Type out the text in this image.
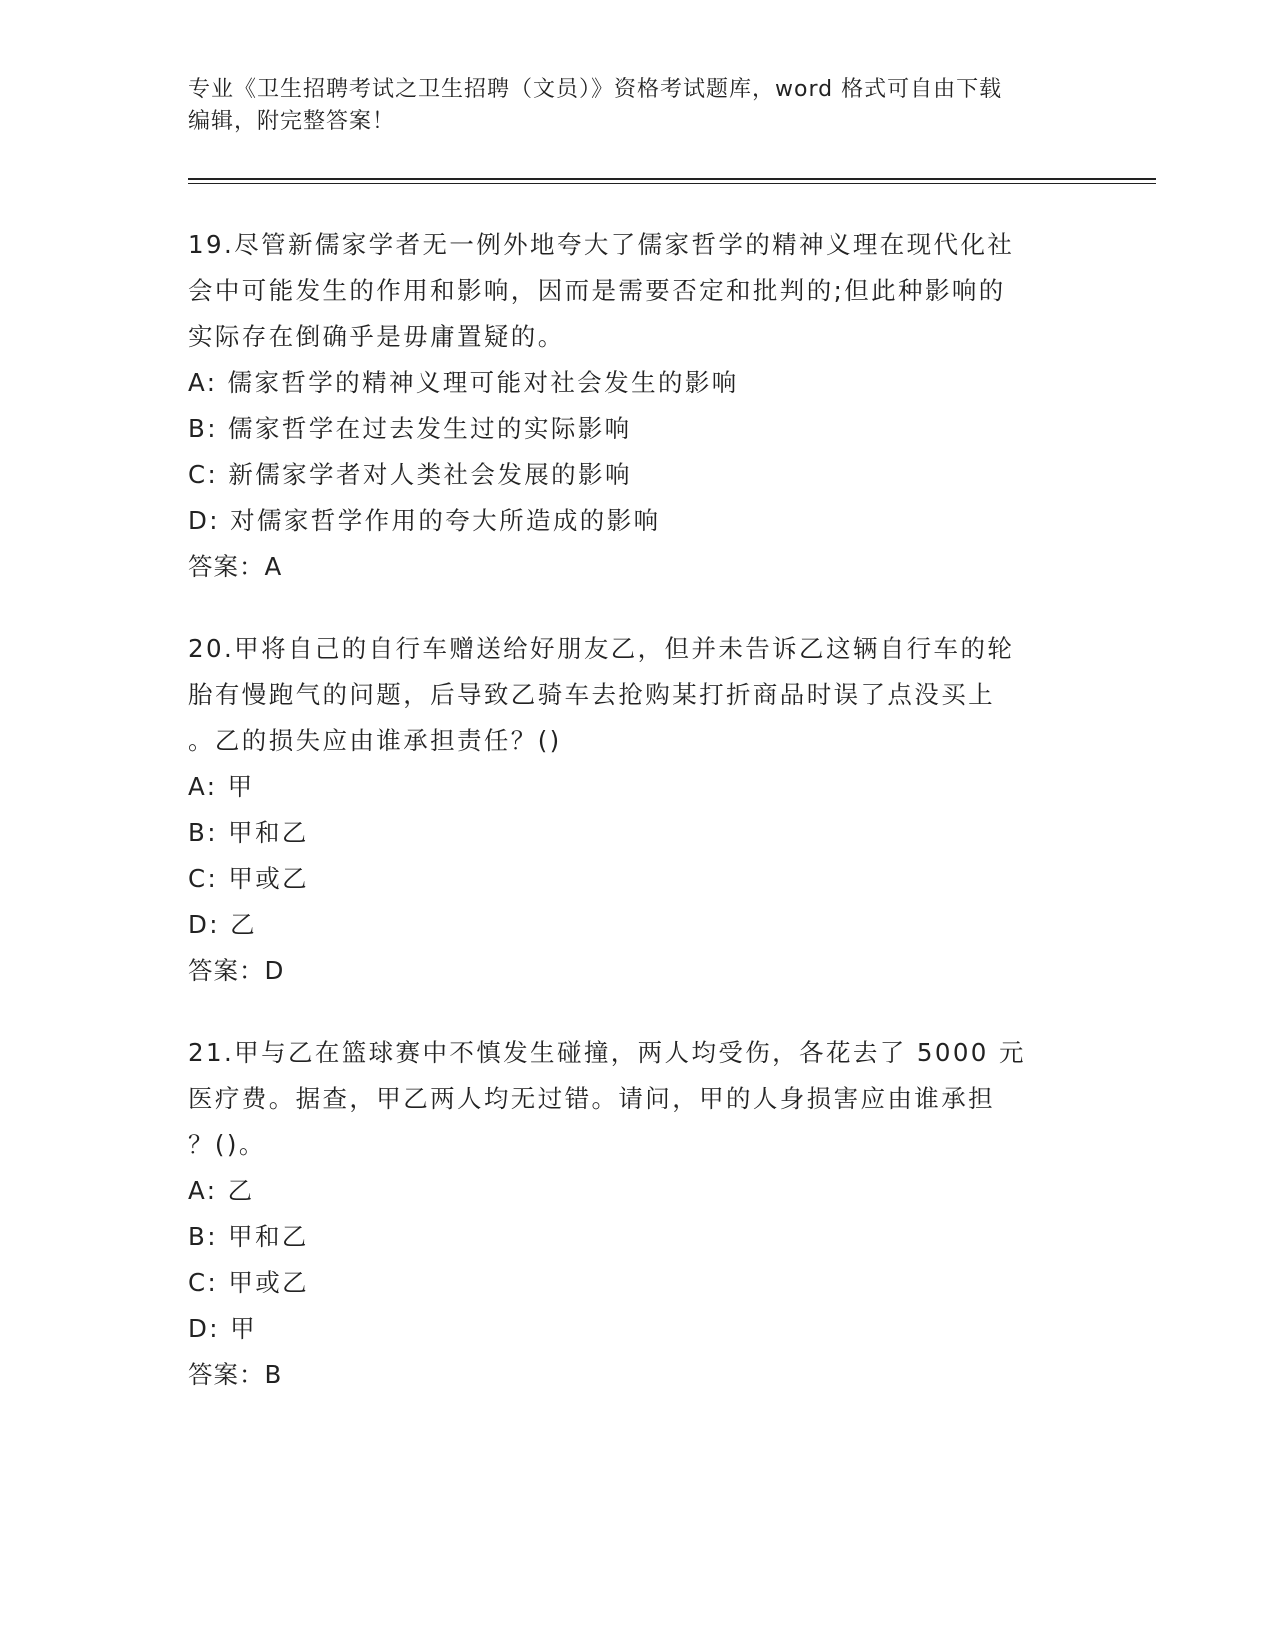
专业《卫生招聘考试之卫生招聘（文员）》资格考试题库，word 格式可自由下载
编辑，附完整答案！

19.尽管新儒家学者无一例外地夸大了儒家哲学的精神义理在现代化社

会中可能发生的作用和影响，因而是需要否定和批判的;但此种影响的

实际存在倒确乎是毋庸置疑的。

A: 儒家哲学的精神义理可能对社会发生的影响

B: 儒家哲学在过去发生过的实际影响

C: 新儒家学者对人类社会发展的影响

D: 对儒家哲学作用的夸大所造成的影响

答案：A

20.甲将自己的自行车赠送给好朋友乙，但并未告诉乙这辆自行车的轮

胎有慢跑气的问题，后导致乙骑车去抢购某打折商品时误了点没买上

。乙的损失应由谁承担责任？()

A: 甲

B: 甲和乙

C: 甲或乙

D: 乙

答案：D

21.甲与乙在篮球赛中不慎发生碰撞，两人均受伤，各花去了 5000 元

医疗费。据查，甲乙两人均无过错。请问，甲的人身损害应由谁承担

？()。

A: 乙

B: 甲和乙

C: 甲或乙

D: 甲

答案：B
